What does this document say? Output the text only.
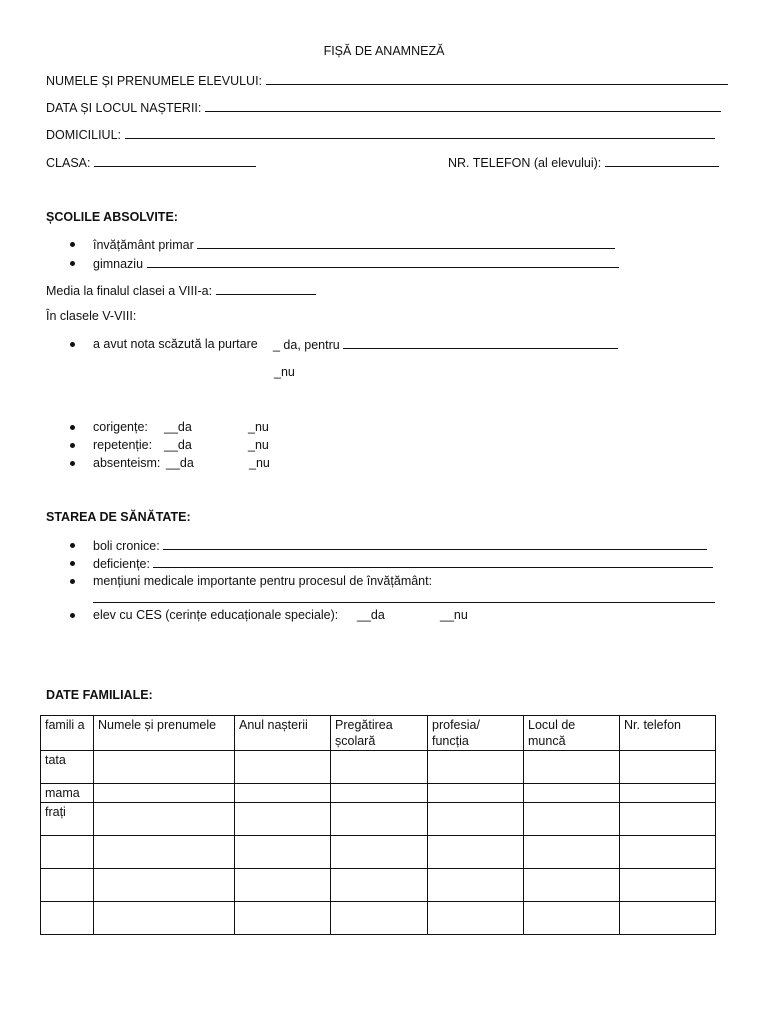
FIȘĂ DE ANAMNEZĂ
NUMELE ȘI PRENUMELE ELEVULUI:
DATA ȘI LOCUL NAȘTERII:
DOMICILIUL:
CLASA:	NR. TELEFON (al elevului):
ȘCOLILE ABSOLVITE:
învățământ primar
gimnaziu
Media la finalul clasei a VIII-a:
În clasele V-VIII:
a avut nota scăzută la purtare _ da, pentru
_nu
corigențe: __da	_nu
repetenție: __da	_nu
absenteism: __da	_nu
STAREA DE SĂNĂTATE:
boli cronice:
deficiențe:
mențiuni medicale importante pentru procesul de învățământ:
elev cu CES (cerințe educaționale speciale): __da	__nu
DATE FAMILIALE:
famili a	Numele și prenumele	Anul nașterii	Pregătirea școlară	profesia/ funcția	Locul de muncă	Nr. telefon
tata						
mama						
frați						
